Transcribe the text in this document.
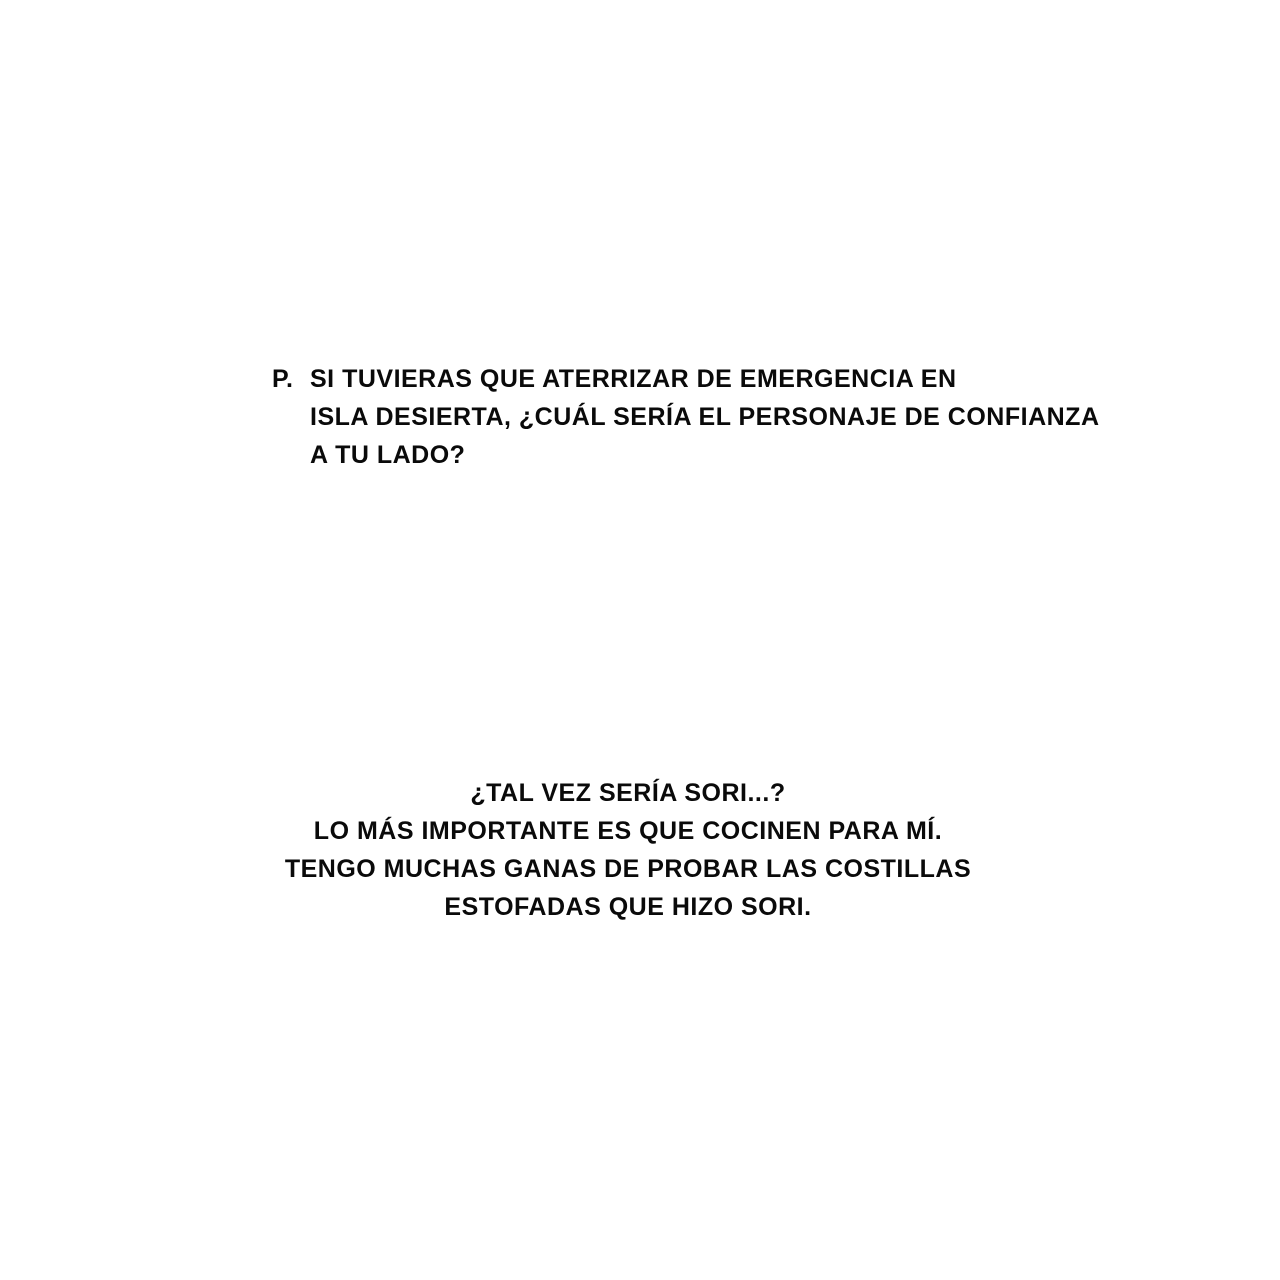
P. SI TUVIERAS QUE ATERRIZAR DE EMERGENCIA EN
ISLA DESIERTA, ¿CUÁL SERÍA EL PERSONAJE DE CONFIANZA
A TU LADO?
¿TAL VEZ SERÍA SORI...?
LO MÁS IMPORTANTE ES QUE COCINEN PARA MÍ.
TENGO MUCHAS GANAS DE PROBAR LAS COSTILLAS
ESTOFADAS QUE HIZO SORI.
